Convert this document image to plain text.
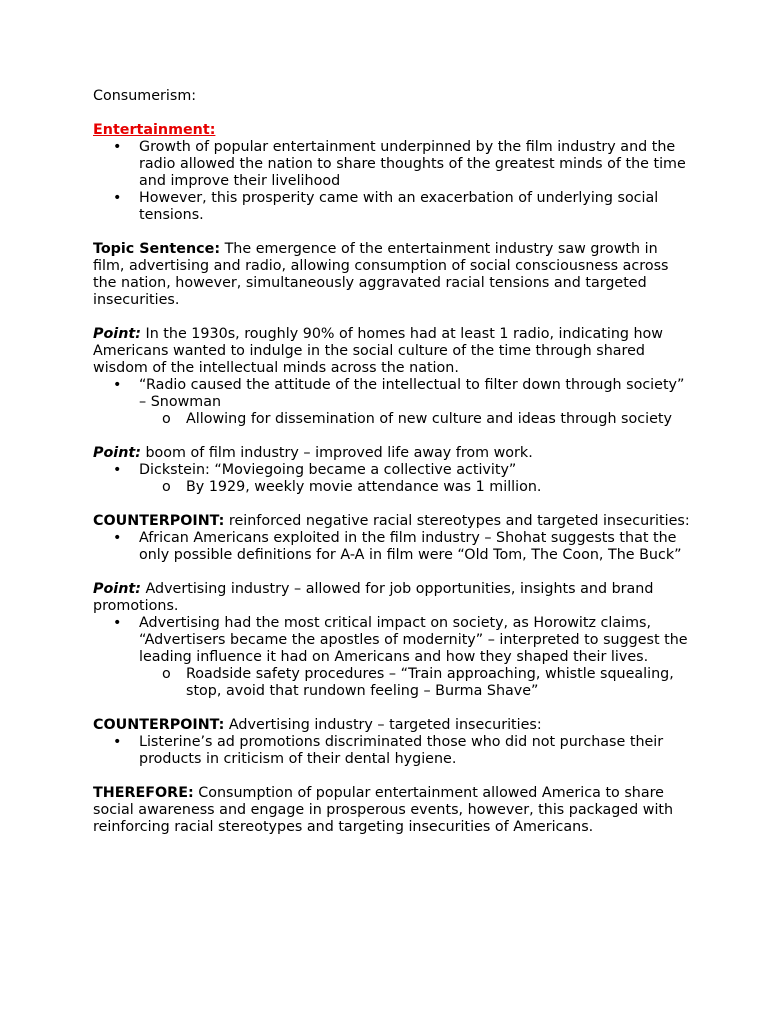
Consumerism:

Entertainment:

• Growth of popular entertainment underpinned by the film industry and the radio allowed the nation to share thoughts of the greatest minds of the time and improve their livelihood
• However, this prosperity came with an exacerbation of underlying social tensions.

Topic Sentence: The emergence of the entertainment industry saw growth in film, advertising and radio, allowing consumption of social consciousness across the nation, however, simultaneously aggravated racial tensions and targeted insecurities.

Point: In the 1930s, roughly 90% of homes had at least 1 radio, indicating how Americans wanted to indulge in the social culture of the time through shared wisdom of the intellectual minds across the nation.

• “Radio caused the attitude of the intellectual to filter down through society” – Snowman
o Allowing for dissemination of new culture and ideas through society

Point: boom of film industry – improved life away from work.

• Dickstein: “Moviegoing became a collective activity”
o By 1929, weekly movie attendance was 1 million.

COUNTERPOINT: reinforced negative racial stereotypes and targeted insecurities:

• African Americans exploited in the film industry – Shohat suggests that the only possible definitions for A-A in film were “Old Tom, The Coon, The Buck”

Point: Advertising industry – allowed for job opportunities, insights and brand promotions.

• Advertising had the most critical impact on society, as Horowitz claims, “Advertisers became the apostles of modernity” – interpreted to suggest the leading influence it had on Americans and how they shaped their lives.
o Roadside safety procedures – “Train approaching, whistle squealing, stop, avoid that rundown feeling – Burma Shave”

COUNTERPOINT: Advertising industry – targeted insecurities:

• Listerine’s ad promotions discriminated those who did not purchase their products in criticism of their dental hygiene.

THEREFORE: Consumption of popular entertainment allowed America to share social awareness and engage in prosperous events, however, this packaged with reinforcing racial stereotypes and targeting insecurities of Americans.
